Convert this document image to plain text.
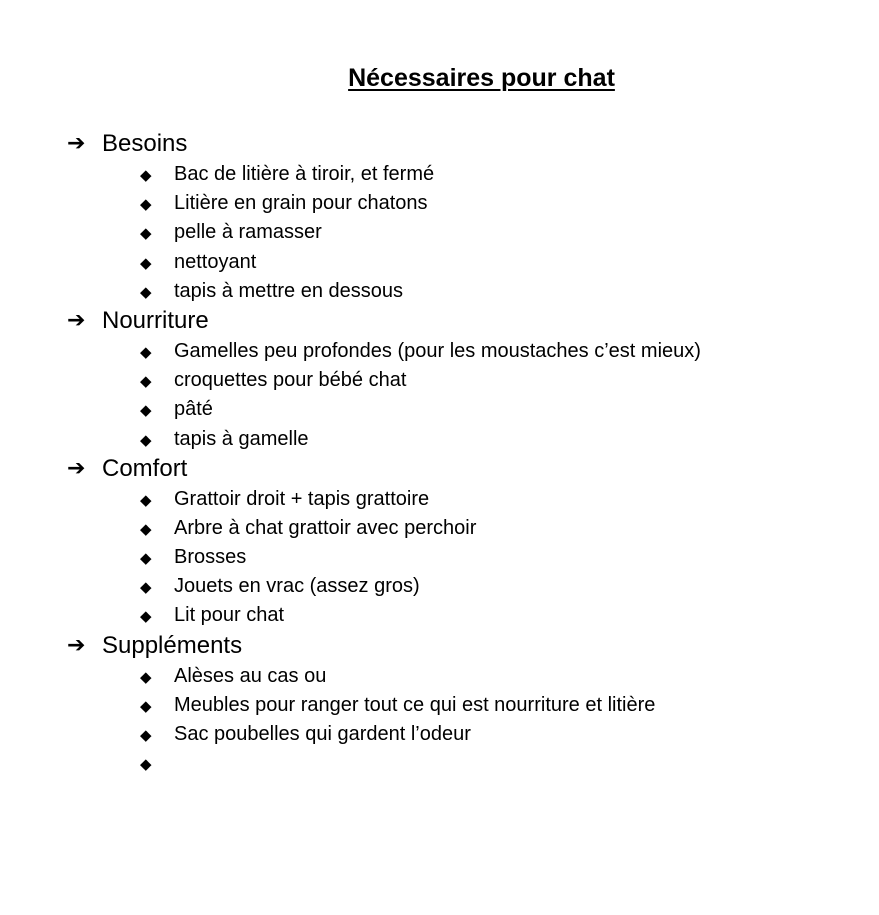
Nécessaires pour chat
➔ Besoins
◆ Bac de litière à tiroir, et fermé
◆ Litière en grain pour chatons
◆ pelle à ramasser
◆ nettoyant
◆ tapis à mettre en dessous
➔ Nourriture
◆ Gamelles peu profondes (pour les moustaches c’est mieux)
◆ croquettes pour bébé chat
◆ pâté
◆ tapis à gamelle
➔ Comfort
◆ Grattoir droit + tapis grattoire
◆ Arbre à chat grattoir avec perchoir
◆ Brosses
◆ Jouets en vrac (assez gros)
◆ Lit pour chat
➔ Suppléments
◆ Alèses au cas ou
◆ Meubles pour ranger tout ce qui est nourriture et litière
◆ Sac poubelles qui gardent l’odeur
◆
